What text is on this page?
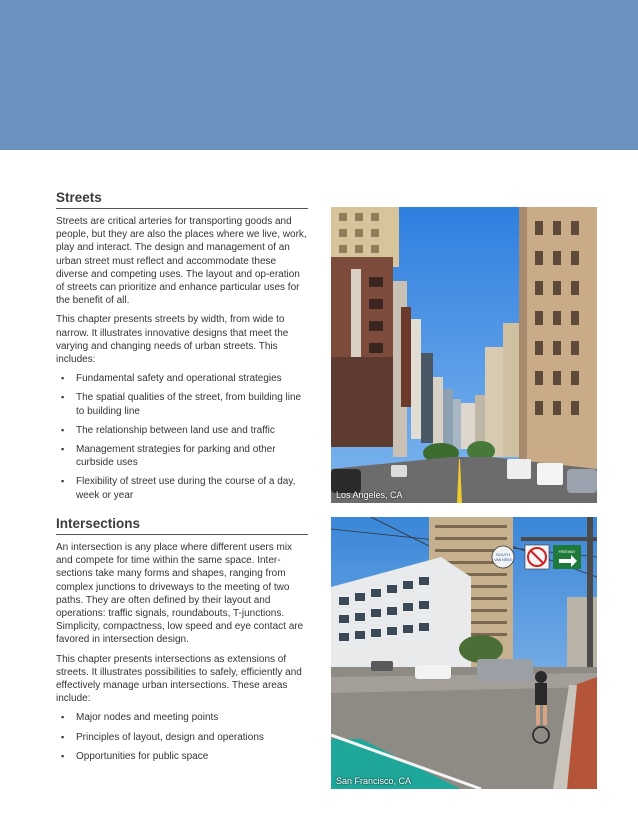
Streets

Streets are critical arteries for transporting goods and people, but they are also the places where we live, work, play and interact. The design and management of an urban street must reflect and accommodate these diverse and competing uses. The layout and op-eration of streets can prioritize and enhance particular uses for the benefit of all.

This chapter presents streets by width, from wide to narrow. It illustrates innovative designs that meet the varying and changing needs of urban streets. This includes:

▪ Fundamental safety and operational strategies
▪ The spatial qualities of the street, from building line to building line
▪ The relationship between land use and traffic
▪ Management strategies for parking and other curbside uses
▪ Flexibility of street use during the course of a day, week or year
Intersections

An intersection is any place where different users mix and compete for time within the same space. Inter-sections take many forms and shapes, ranging from complex junctions to driveways to the meeting of two paths. They are often defined by their layout and operations: traffic signals, roundabouts, T-junctions. Simplicity, compactness, low speed and eye contact are favored in intersection design.

This chapter presents intersections as extensions of streets. It illustrates possibilities to safely, efficiently and effectively manage urban intersections. These areas include:

▪ Major nodes and meeting points
▪ Principles of layout, design and operations
▪ Opportunities for public space
Los Angeles, CA
SOUTH
VAN NESS
FREEWAY
San Francisco, CA
